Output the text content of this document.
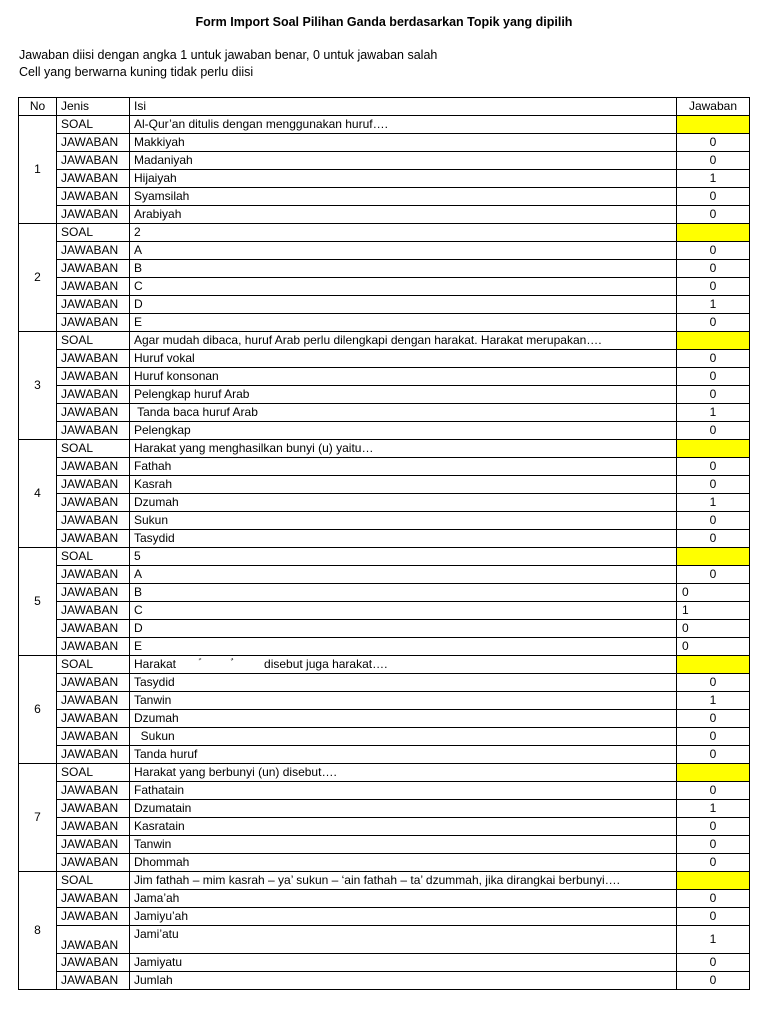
Form Import Soal Pilihan Ganda berdasarkan Topik yang dipilih
Jawaban diisi dengan angka 1 untuk jawaban benar, 0 untuk jawaban salah
Cell yang berwarna kuning tidak perlu diisi
No	Jenis	Isi	Jawaban
1	SOAL	Al-Qur’an ditulis dengan menggunakan huruf….	
	JAWABAN	Makkiyah	0
	JAWABAN	Madaniyah	0
	JAWABAN	Hijaiyah	1
	JAWABAN	Syamsilah	0
	JAWABAN	Arabiyah	0
2	SOAL	2	
	JAWABAN	A	0
	JAWABAN	B	0
	JAWABAN	C	0
	JAWABAN	D	1
	JAWABAN	E	0
3	SOAL	Agar mudah dibaca, huruf Arab perlu dilengkapi dengan harakat. Harakat merupakan….	
	JAWABAN	Huruf vokal	0
	JAWABAN	Huruf konsonan	0
	JAWABAN	Pelengkap huruf Arab	0
	JAWABAN	Tanda baca huruf Arab	1
	JAWABAN	Pelengkap	0
4	SOAL	Harakat yang menghasilkan bunyi (u) yaitu…	
	JAWABAN	Fathah	0
	JAWABAN	Kasrah	0
	JAWABAN	Dzumah	1
	JAWABAN	Sukun	0
	JAWABAN	Tasydid	0
5	SOAL	5	
	JAWABAN	A	0
	JAWABAN	B	0
	JAWABAN	C	1
	JAWABAN	D	0
	JAWABAN	E	0
6	SOAL	Harakat disebut juga harakat….	
	JAWABAN	Tasydid	0
	JAWABAN	Tanwin	1
	JAWABAN	Dzumah	0
	JAWABAN	Sukun	0
	JAWABAN	Tanda huruf	0
7	SOAL	Harakat yang berbunyi (un) disebut….	
	JAWABAN	Fathatain	0
	JAWABAN	Dzumatain	1
	JAWABAN	Kasratain	0
	JAWABAN	Tanwin	0
	JAWABAN	Dhommah	0
8	SOAL	Jim fathah – mim kasrah – ya’ sukun – ‘ain fathah – ta’ dzummah, jika dirangkai berbunyi….	
	JAWABAN	Jama’ah	0
	JAWABAN	Jamiyu’ah	0
	JAWABAN	Jami’atu	1
	JAWABAN	Jamiyatu	0
	JAWABAN	Jumlah	0
